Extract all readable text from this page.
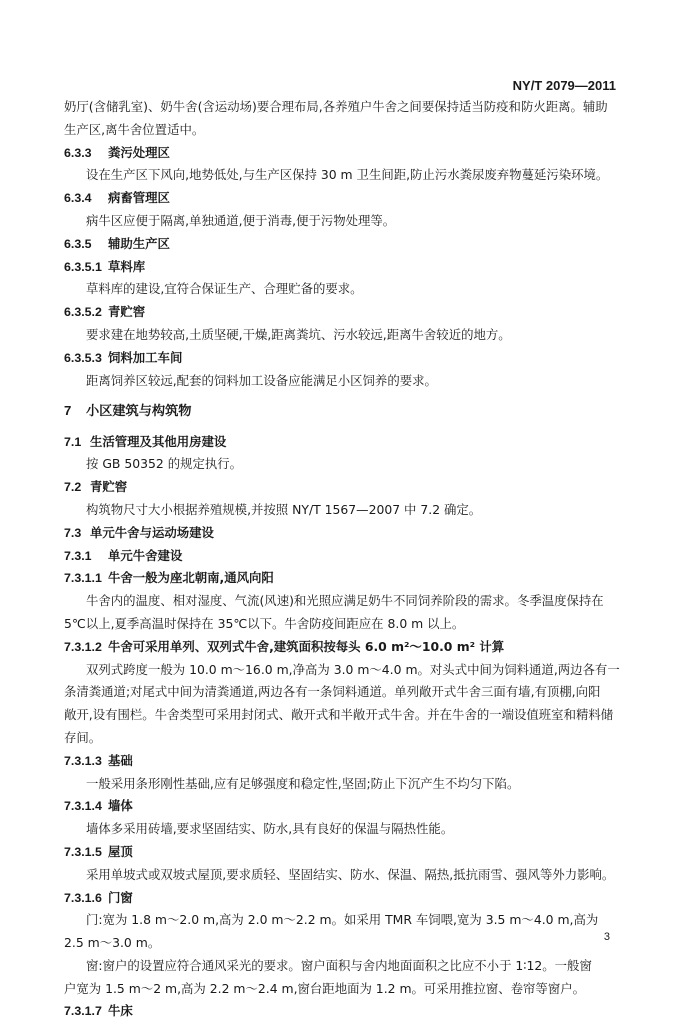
NY/T 2079—2011
奶厅(含储乳室)、奶牛舍(含运动场)要合理布局,各养殖户牛舍之间要保持适当防疫和防火距离。辅助
生产区,离牛舍位置适中。
6.3.3 粪污处理区
设在生产区下风向,地势低处,与生产区保持 30 m 卫生间距,防止污水粪尿废弃物蔓延污染环境。
6.3.4 病畜管理区
病牛区应便于隔离,单独通道,便于消毒,便于污物处理等。
6.3.5 辅助生产区
6.3.5.1 草料库
草料库的建设,宜符合保证生产、合理贮备的要求。
6.3.5.2 青贮窖
要求建在地势较高,土质坚硬,干燥,距离粪坑、污水较远,距离牛舍较近的地方。
6.3.5.3 饲料加工车间
距离饲养区较远,配套的饲料加工设备应能满足小区饲养的要求。
7 小区建筑与构筑物
7.1 生活管理及其他用房建设
按 GB 50352 的规定执行。
7.2 青贮窖
构筑物尺寸大小根据养殖规模,并按照 NY/T 1567—2007 中 7.2 确定。
7.3 单元牛舍与运动场建设
7.3.1 单元牛舍建设
7.3.1.1 牛舍一般为座北朝南,通风向阳
牛舍内的温度、相对湿度、气流(风速)和光照应满足奶牛不同饲养阶段的需求。冬季温度保持在
5℃以上,夏季高温时保持在 35℃以下。牛舍防疫间距应在 8.0 m 以上。
7.3.1.2 牛舍可采用单列、双列式牛舍,建筑面积按每头 6.0 m²～10.0 m² 计算
双列式跨度一般为 10.0 m～16.0 m,净高为 3.0 m～4.0 m。对头式中间为饲料通道,两边各有一
条清粪通道;对尾式中间为清粪通道,两边各有一条饲料通道。单列敞开式牛舍三面有墙,有顶棚,向阳
敞开,设有围栏。牛舍类型可采用封闭式、敞开式和半敞开式牛舍。并在牛舍的一端设值班室和精料储
存间。
7.3.1.3 基础
一般采用条形刚性基础,应有足够强度和稳定性,坚固;防止下沉产生不均匀下陷。
7.3.1.4 墙体
墙体多采用砖墙,要求坚固结实、防水,具有良好的保温与隔热性能。
7.3.1.5 屋顶
采用单坡式或双坡式屋顶,要求质轻、坚固结实、防水、保温、隔热,抵抗雨雪、强风等外力影响。
7.3.1.6 门窗
门:宽为 1.8 m～2.0 m,高为 2.0 m～2.2 m。如采用 TMR 车饲喂,宽为 3.5 m～4.0 m,高为
2.5 m～3.0 m。
窗:窗户的设置应符合通风采光的要求。窗户面积与舍内地面面积之比应不小于 1∶12。一般窗
户宽为 1.5 m～2 m,高为 2.2 m～2.4 m,窗台距地面为 1.2 m。可采用推拉窗、卷帘等窗户。
7.3.1.7 牛床
3
